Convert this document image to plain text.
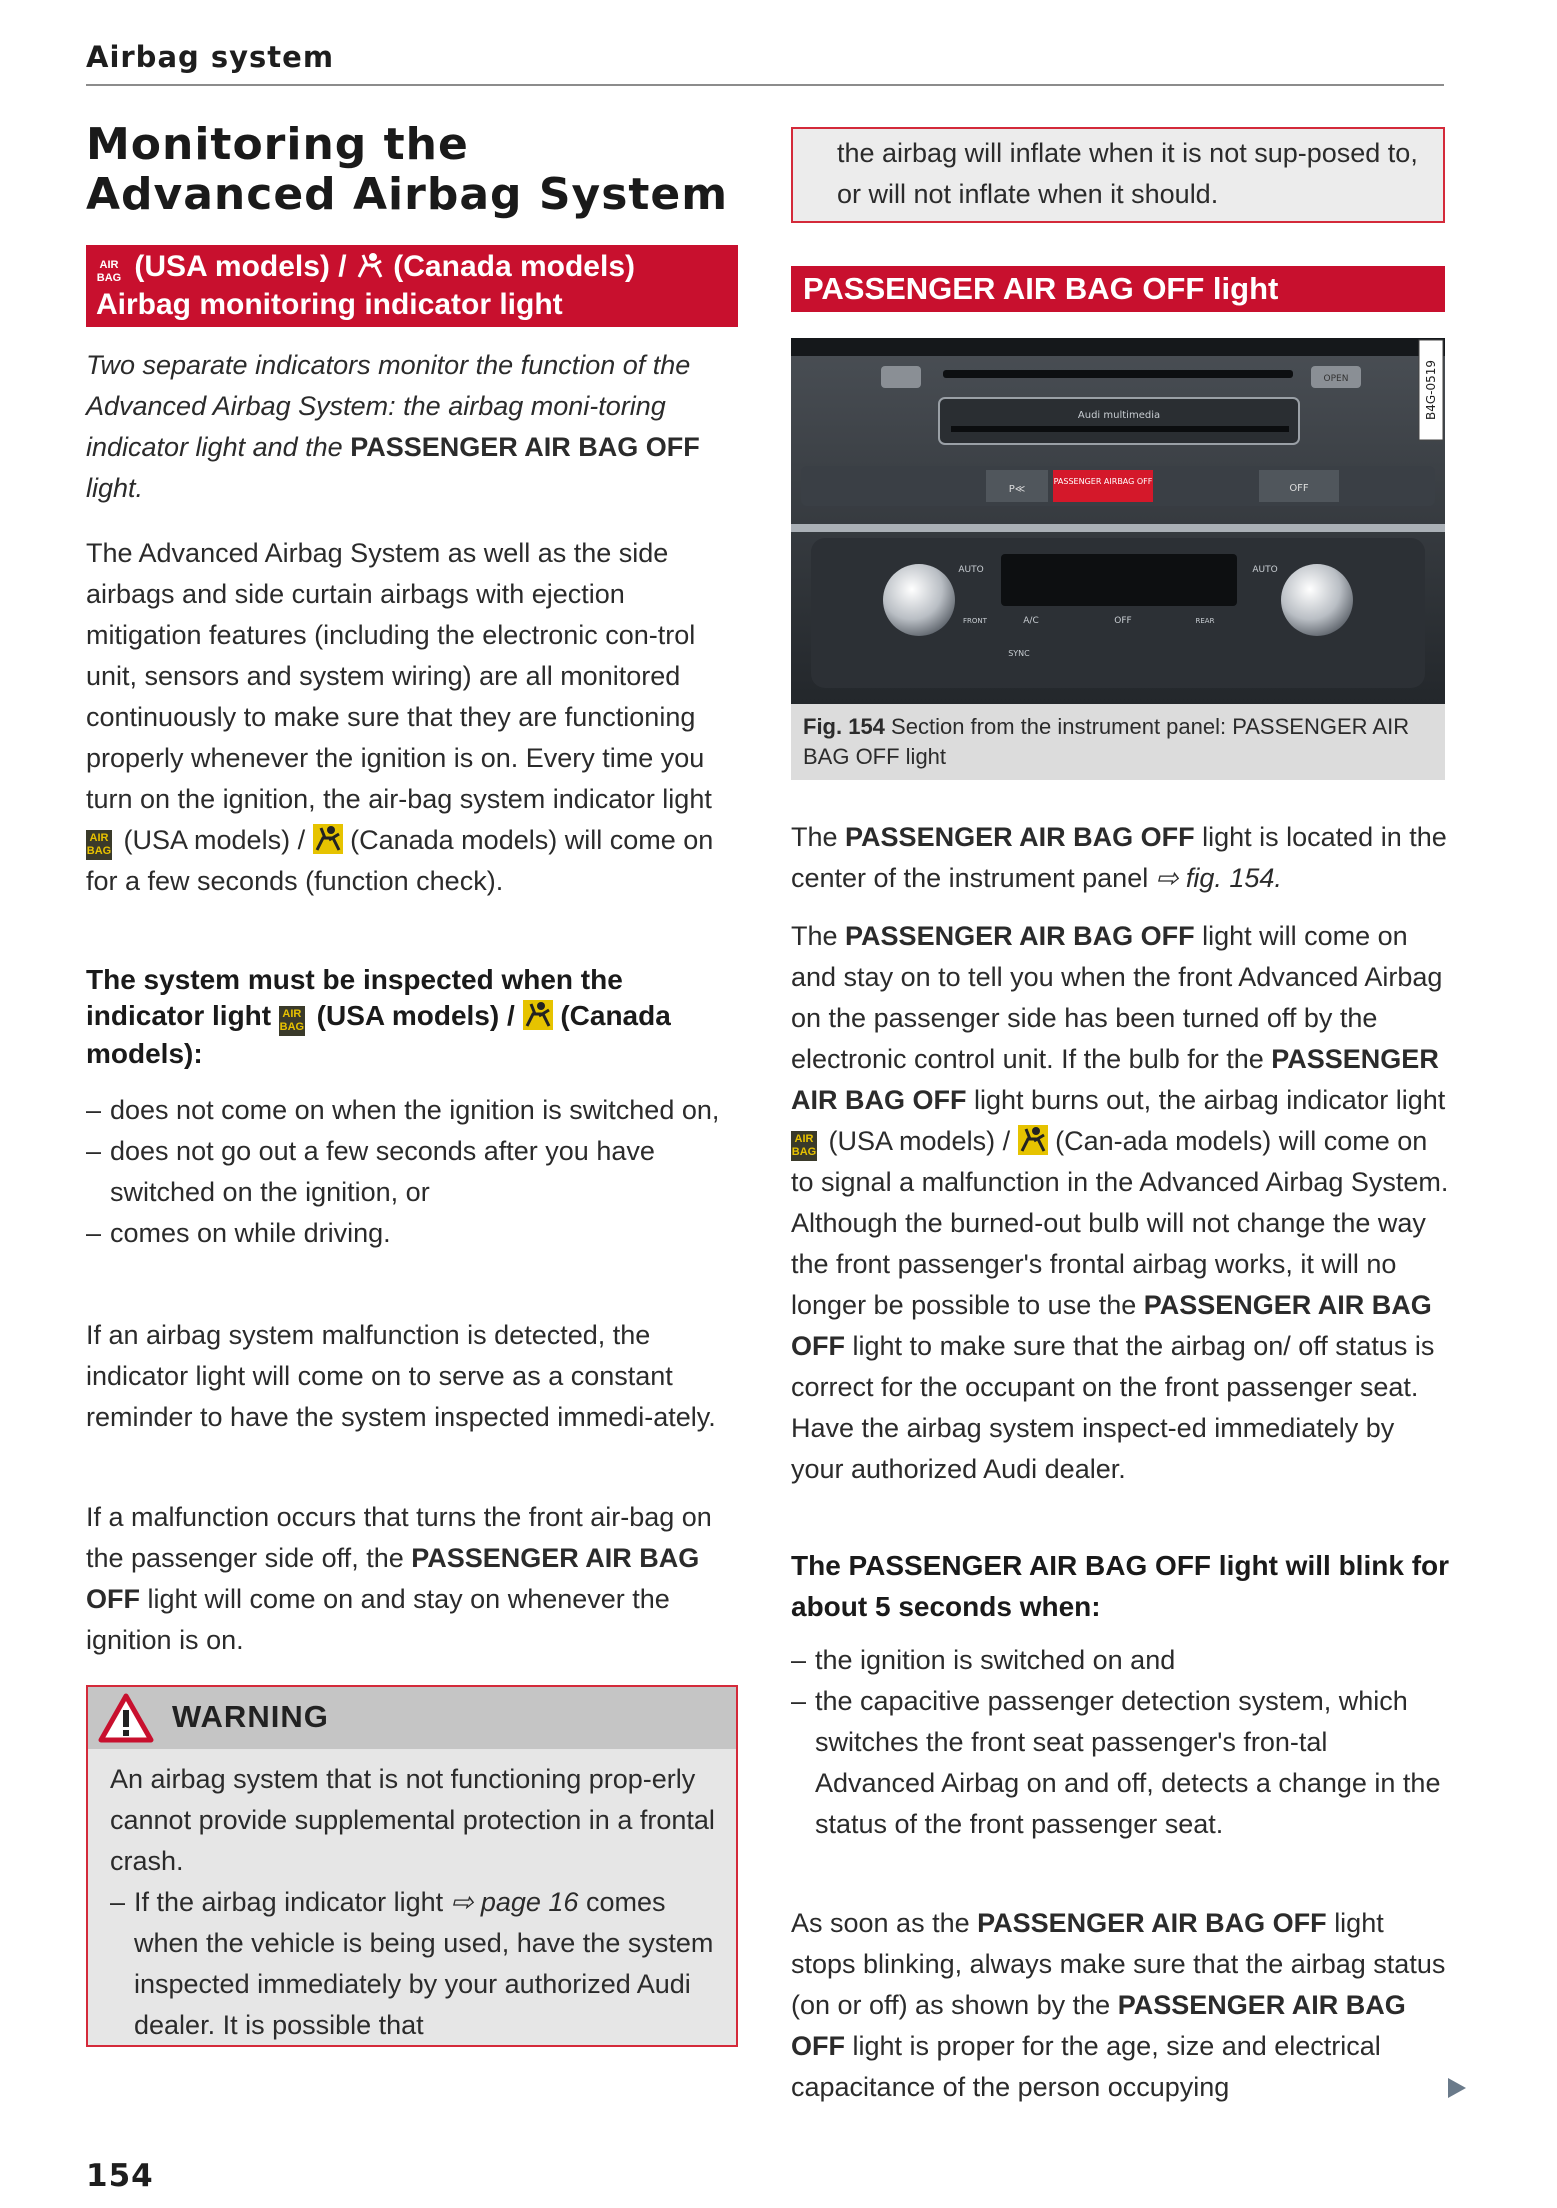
Airbag system
Monitoring the
Advanced Airbag System
AIR BAG (USA models) / (Canada models)
Airbag monitoring indicator light
Two separate indicators monitor the function of the Advanced Airbag System: the airbag moni-toring indicator light and the PASSENGER AIR BAG OFF light.
The Advanced Airbag System as well as the side airbags and side curtain airbags with ejection mitigation features (including the electronic con-trol unit, sensors and system wiring) are all monitored continuously to make sure that they are functioning properly whenever the ignition is on. Every time you turn on the ignition, the air-bag system indicator light AIR BAG (USA models) / (Canada models) will come on for a few seconds (function check).
The system must be inspected when the indicator light AIR BAG (USA models) / (Canada models):
– does not come on when the ignition is switched on,
– does not go out a few seconds after you have switched on the ignition, or
– comes on while driving.
If an airbag system malfunction is detected, the indicator light will come on to serve as a constant reminder to have the system inspected immedi-ately.
If a malfunction occurs that turns the front air-bag on the passenger side off, the PASSENGER AIR BAG OFF light will come on and stay on whenever the ignition is on.
WARNING
An airbag system that is not functioning prop-erly cannot provide supplemental protection in a frontal crash.
– If the airbag indicator light ⇨ page 16 comes when the vehicle is being used, have the system inspected immediately by your authorized Audi dealer. It is possible that
the airbag will inflate when it is not sup-posed to, or will not inflate when it should.
PASSENGER AIR BAG OFF light
OPEN
Audi multimedia
P≪
PASSENGER AIRBAG OFF
OFF
AUTO	AUTO
FRONT	A/C	OFF	REAR
SYNC
B4G-0519
Fig. 154 Section from the instrument panel: PASSENGER AIR BAG OFF light
The PASSENGER AIR BAG OFF light is located in the center of the instrument panel ⇨ fig. 154.
The PASSENGER AIR BAG OFF light will come on and stay on to tell you when the front Advanced Airbag on the passenger side has been turned off by the electronic control unit. If the bulb for the PASSENGER AIR BAG OFF light burns out, the airbag indicator light AIR BAG (USA models) / (Can-ada models) will come on to signal a malfunction in the Advanced Airbag System. Although the burned-out bulb will not change the way the front passenger's frontal airbag works, it will no longer be possible to use the PASSENGER AIR BAG OFF light to make sure that the airbag on/ off status is correct for the occupant on the front passenger seat. Have the airbag system inspect-ed immediately by your authorized Audi dealer.
The PASSENGER AIR BAG OFF light will blink for about 5 seconds when:
– the ignition is switched on and
– the capacitive passenger detection system, which switches the front seat passenger's fron-tal Advanced Airbag on and off, detects a change in the status of the front passenger seat.
As soon as the PASSENGER AIR BAG OFF light stops blinking, always make sure that the airbag status (on or off) as shown by the PASSENGER AIR BAG OFF light is proper for the age, size and electrical capacitance of the person occupying
154
